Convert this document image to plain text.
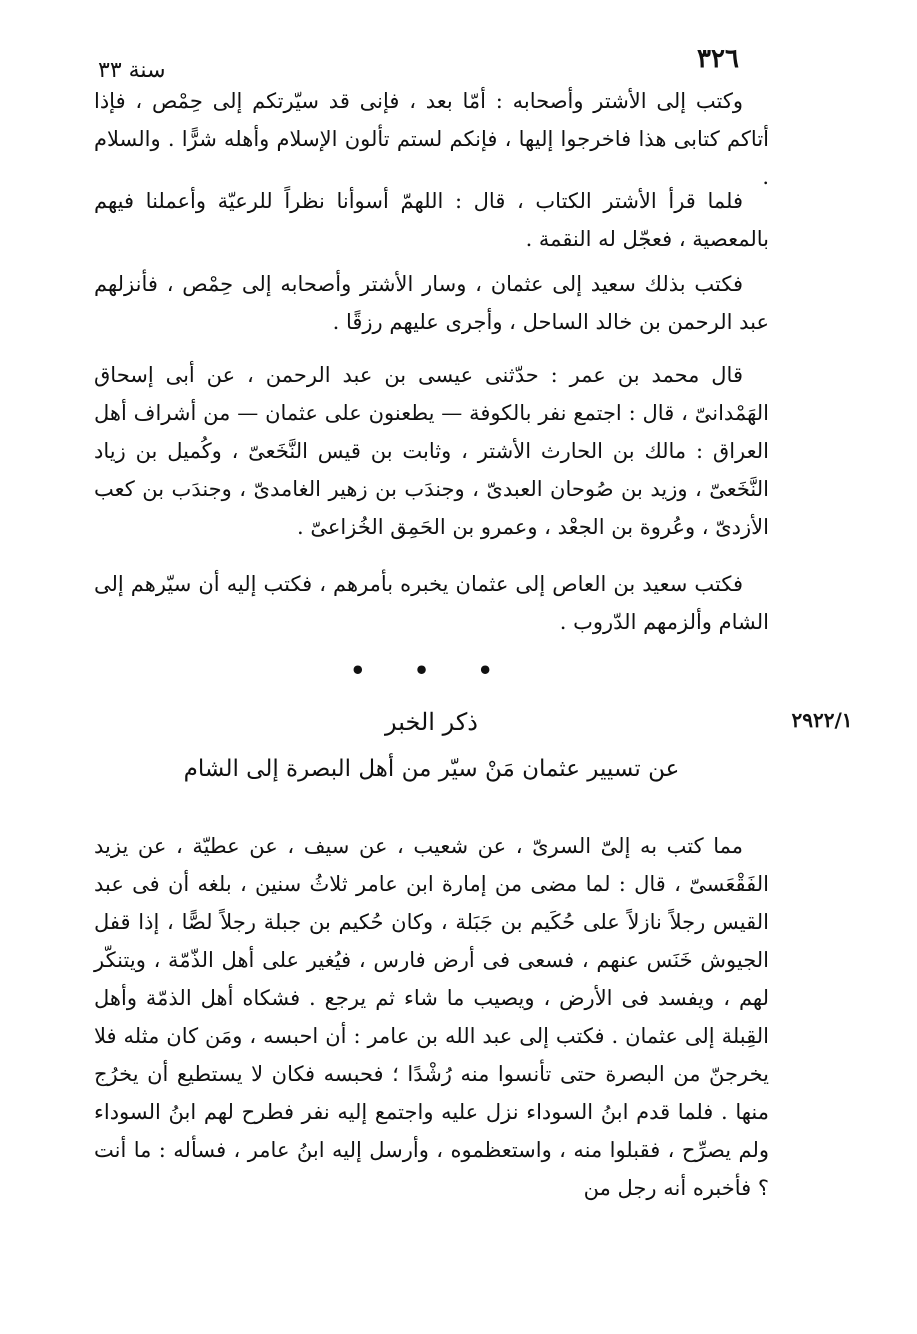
سنة ٣٣	٣٢٦

وكتب إلى الأشتر وأصحابه : أمّا بعد ، فإنى قد سيّرتكم إلى حِمْص ، فإذا أتاكم كتابى هذا فاخرجوا إليها ، فإنكم لستم تألون الإسلام وأهله شرًّا . والسلام .

فلما قرأ الأشتر الكتاب ، قال : اللهمّ أسوأنا نظراً للرعيّة وأعملنا فيهم بالمعصية ، فعجّل له النقمة .

فكتب بذلك سعيد إلى عثمان ، وسار الأشتر وأصحابه إلى حِمْص ، فأنزلهم عبد الرحمن بن خالد الساحل ، وأجرى عليهم رزقًا .

قال محمد بن عمر : حدّثنى عيسى بن عبد الرحمن ، عن أبى إسحاق الهَمْدانىّ ، قال : اجتمع نفر بالكوفة — يطعنون على عثمان — من أشراف أهل العراق : مالك بن الحارث الأشتر ، وثابت بن قيس النَّخَعىّ ، وكُميل بن زياد النَّخَعىّ ، وزيد بن صُوحان العبدىّ ، وجندَب بن زهير الغامدىّ ، وجندَب بن كعب الأزدىّ ، وعُروة بن الجعْد ، وعمرو بن الحَمِق الخُزاعىّ .

فكتب سعيد بن العاص إلى عثمان يخبره بأمرهم ، فكتب إليه أن سيّرهم إلى الشام وألزمهم الدّروب .

• • •
٢٩٢٢/١
ذكر الخبر
عن تسيير عثمان مَنْ سيّر من أهل البصرة إلى الشام

مما كتب به إلىّ السرىّ ، عن شعيب ، عن سيف ، عن عطيّة ، عن يزيد الفَقْعَسىّ ، قال : لما مضى من إمارة ابن عامر ثلاثُ سنين ، بلغه أن فى عبد القيس رجلاً نازلاً على حُكَيم بن جَبَلة ، وكان حُكيم بن جبلة رجلاً لصًّا ، إذا قفل الجيوش خَنَس عنهم ، فسعى فى أرض فارس ، فيُغير على أهل الذّمّة ، ويتنكّر لهم ، ويفسد فى الأرض ، ويصيب ما شاء ثم يرجع . فشكاه أهل الذمّة وأهل القِبلة إلى عثمان . فكتب إلى عبد الله بن عامر : أن احبسه ، ومَن كان مثله فلا يخرجنّ من البصرة حتى تأنسوا منه رُشْدًا ؛ فحبسه فكان لا يستطيع أن يخرُج منها . فلما قدم ابنُ السوداء نزل عليه واجتمع إليه نفر فطرح لهم ابنُ السوداء ولم يصرِّح ، فقبلوا منه ، واستعظموه ، وأرسل إليه ابنُ عامر ، فسأله : ما أنت ؟ فأخبره أنه رجل من
